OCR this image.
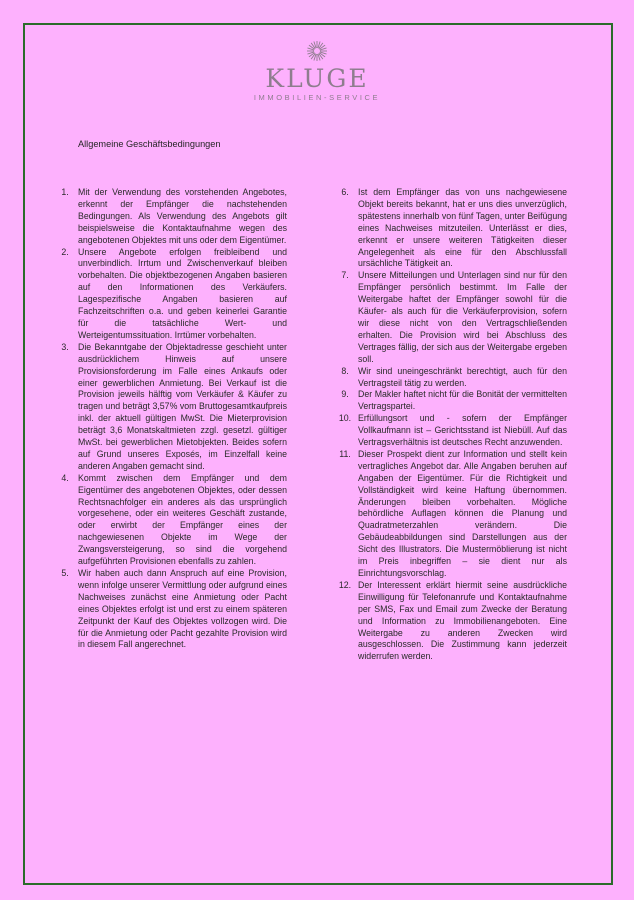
KLUGE
IMMOBILIEN-SERVICE
Allgemeine Geschäftsbedingungen
1.	Mit der Verwendung des vorstehenden Angebotes, erkennt der Empfänger die nachstehenden Bedingungen. Als Verwendung des Angebots gilt beispielsweise die Kontaktaufnahme wegen des angebotenen Objektes mit uns oder dem Eigentümer.
2.	Unsere Angebote erfolgen freibleibend und unverbindlich. Irrtum und Zwischenverkauf bleiben vorbehalten. Die objektbezogenen Angaben basieren auf den Informationen des Verkäufers. Lagespezifische Angaben basieren auf Fachzeitschriften o.a. und geben keinerlei Garantie für die tatsächliche Wert- und Werteigentumssituation. Irrtümer vorbehalten.
3.	Die Bekanntgabe der Objektadresse geschieht unter ausdrücklichem Hinweis auf unsere Provisionsforderung im Falle eines Ankaufs oder einer gewerblichen Anmietung. Bei Verkauf ist die Provision jeweils hälftig vom Verkäufer & Käufer zu tragen und beträgt 3,57% vom Bruttogesamtkaufpreis inkl. der aktuell gültigen MwSt. Die Mieterprovision beträgt 3,6 Monatskaltmieten zzgl. gesetzl. gültiger MwSt. bei gewerblichen Mietobjekten. Beides sofern auf Grund unseres Exposés, im Einzelfall keine anderen Angaben gemacht sind.
4.	Kommt zwischen dem Empfänger und dem Eigentümer des angebotenen Objektes, oder dessen Rechtsnachfolger ein anderes als das ursprünglich vorgesehene, oder ein weiteres Geschäft zustande, oder erwirbt der Empfänger eines der nachgewiesenen Objekte im Wege der Zwangsversteigerung, so sind die vorgehend aufgeführten Provisionen ebenfalls zu zahlen.
5.	Wir haben auch dann Anspruch auf eine Provision, wenn infolge unserer Vermittlung oder aufgrund eines Nachweises zunächst eine Anmietung oder Pacht eines Objektes erfolgt ist und erst zu einem späteren Zeitpunkt der Kauf des Objektes vollzogen wird. Die für die Anmietung oder Pacht gezahlte Provision wird in diesem Fall angerechnet.
6.	Ist dem Empfänger das von uns nachgewiesene Objekt bereits bekannt, hat er uns dies unverzüglich, spätestens innerhalb von fünf Tagen, unter Beifügung eines Nachweises mitzuteilen. Unterlässt er dies, erkennt er unsere weiteren Tätigkeiten dieser Angelegenheit als eine für den Abschlussfall ursächliche Tätigkeit an.
7.	Unsere Mitteilungen und Unterlagen sind nur für den Empfänger persönlich bestimmt. Im Falle der Weitergabe haftet der Empfänger sowohl für die Käufer- als auch für die Verkäuferprovision, sofern wir diese nicht von den Vertragschließenden erhalten. Die Provision wird bei Abschluss des Vertrages fällig, der sich aus der Weitergabe ergeben soll.
8.	Wir sind uneingeschränkt berechtigt, auch für den Vertragsteil tätig zu werden.
9.	Der Makler haftet nicht für die Bonität der vermittelten Vertragspartei.
10. Erfüllungsort und - sofern der Empfänger Vollkaufmann ist – Gerichtsstand ist Niebüll. Auf das Vertragsverhältnis ist deutsches Recht anzuwenden.
11. Dieser Prospekt dient zur Information und stellt kein vertragliches Angebot dar. Alle Angaben beruhen auf Angaben der Eigentümer. Für die Richtigkeit und Vollständigkeit wird keine Haftung übernommen. Änderungen bleiben vorbehalten. Mögliche behördliche Auflagen können die Planung und Quadratmeterzahlen verändern. Die Gebäudeabbildungen sind Darstellungen aus der Sicht des Illustrators. Die Mustermöblierung ist nicht im Preis inbegriffen – sie dient nur als Einrichtungsvorschlag.
12. Der Interessent erklärt hiermit seine ausdrückliche Einwilligung für Telefonanrufe und Kontaktaufnahme per SMS, Fax und Email zum Zwecke der Beratung und Information zu Immobilienangeboten. Eine Weitergabe zu anderen Zwecken wird ausgeschlossen. Die Zustimmung kann jederzeit widerrufen werden.
